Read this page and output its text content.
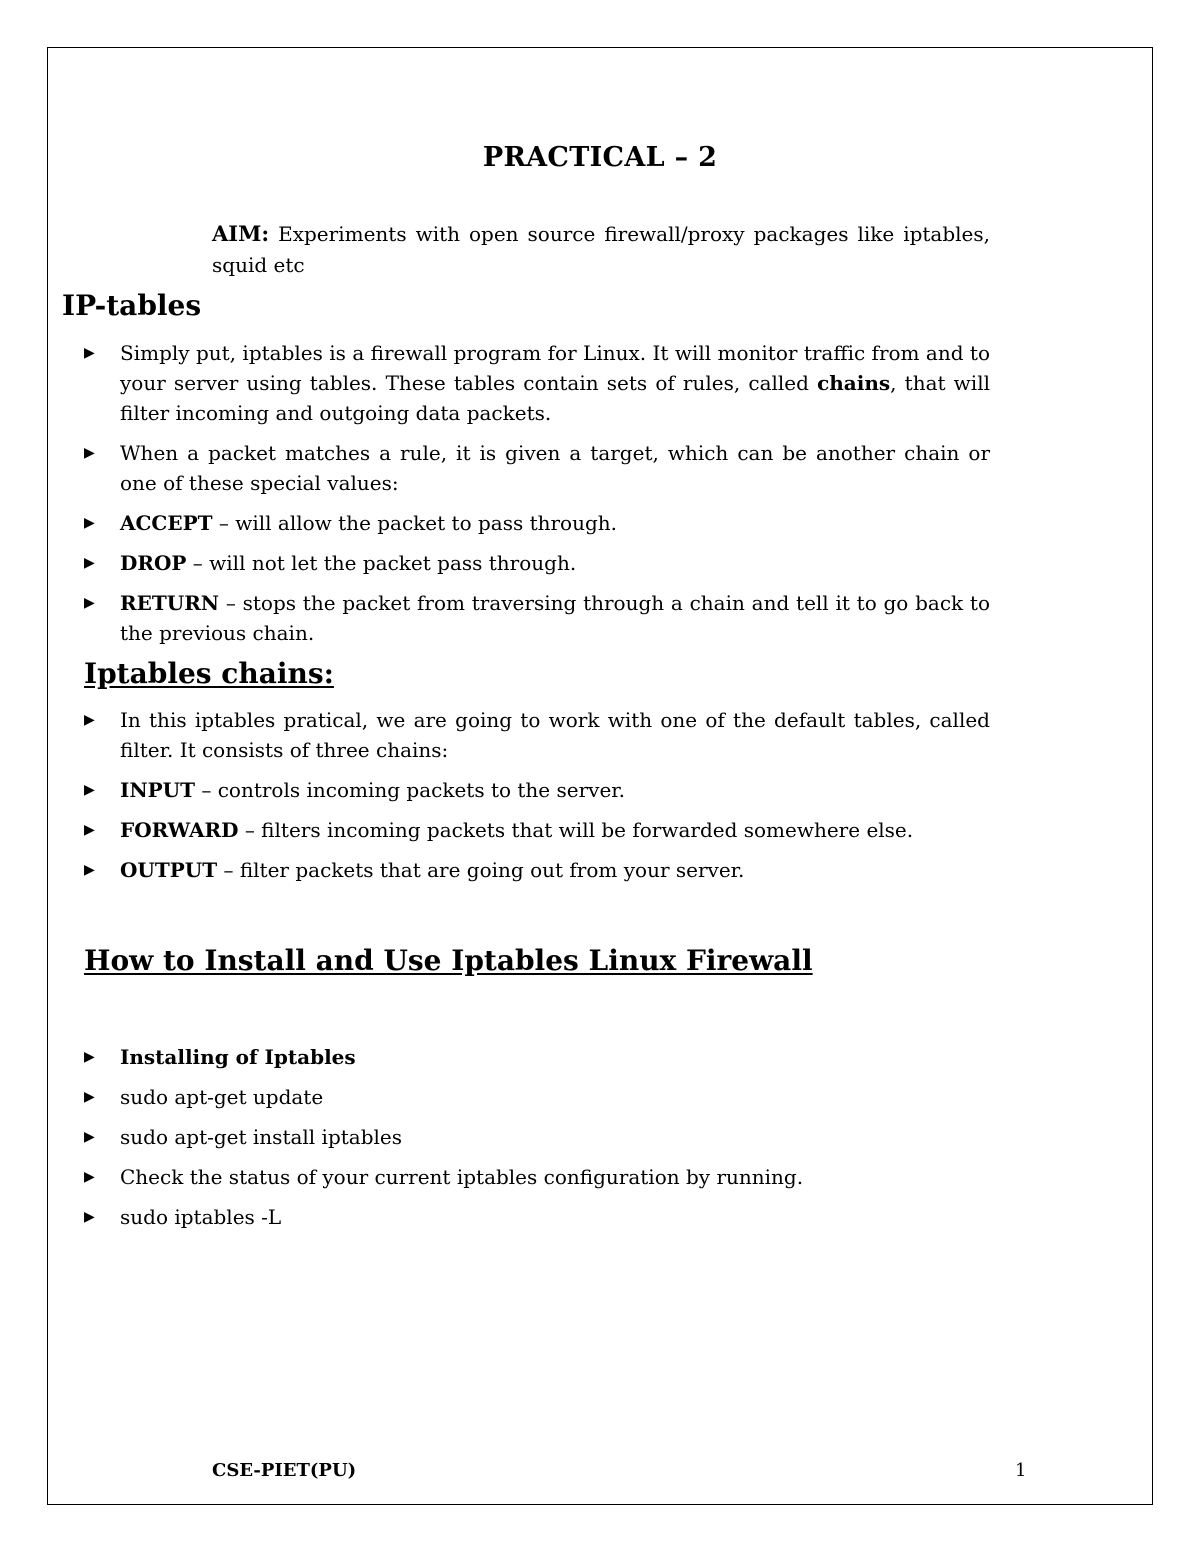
PRACTICAL – 2
AIM: Experiments with open source firewall/proxy packages like iptables, squid etc
IP-tables
▶ Simply put, iptables is a firewall program for Linux. It will monitor traffic from and to your server using tables. These tables contain sets of rules, called chains, that will filter incoming and outgoing data packets.
▶ When a packet matches a rule, it is given a target, which can be another chain or one of these special values:
▶ ACCEPT – will allow the packet to pass through.
▶ DROP – will not let the packet pass through.
▶ RETURN – stops the packet from traversing through a chain and tell it to go back to the previous chain.
Iptables chains:
▶ In this iptables pratical, we are going to work with one of the default tables, called filter. It consists of three chains:
▶ INPUT – controls incoming packets to the server.
▶ FORWARD – filters incoming packets that will be forwarded somewhere else.
▶ OUTPUT – filter packets that are going out from your server.
How to Install and Use Iptables Linux Firewall
▶ Installing of Iptables
▶ sudo apt-get update
▶ sudo apt-get install iptables
▶ Check the status of your current iptables configuration by running.
▶ sudo iptables -L
CSE-PIET(PU)	1
